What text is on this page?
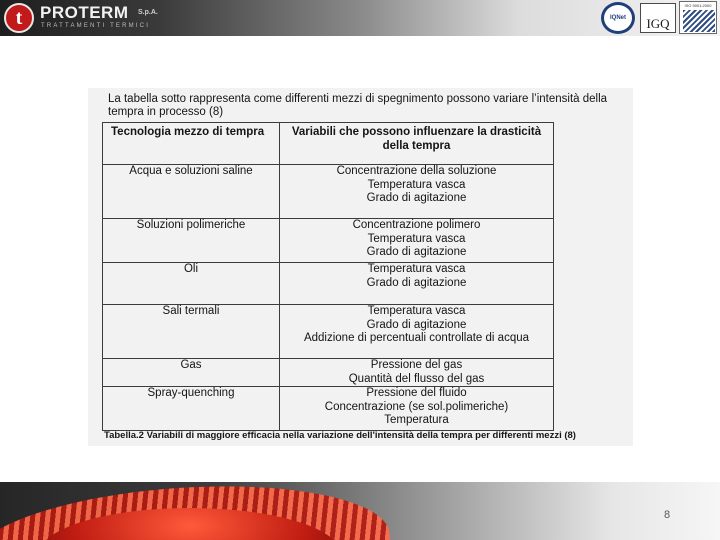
t	PROTERM S.p.A.
TRATTAMENTI TERMICI
IQNet	IGQ
ISO 9001:2000
La tabella sotto rappresenta come differenti mezzi di spegnimento possono variare l’intensità della tempra in processo (8)
Tecnologia mezzo di tempra	Variabili che possono influenzare la drasticità della tempra
Acqua e soluzioni saline	Concentrazione della soluzione
Temperatura vasca
Grado di agitazione

Soluzioni polimeriche	Concentrazione polimero
Temperatura vasca
Grado di agitazione

Oli	Temperatura vasca
Grado di agitazione

Sali termali	Temperatura vasca
Grado di agitazione
Addizione di percentuali controllate di acqua

Gas	Pressione del gas
Quantità del flusso del gas

Spray-quenching	Pressione del fluido
Concentrazione (se sol.polimeriche)
Temperatura
Tabella.2 Variabili di maggiore efficacia nella variazione dell'intensità della tempra per differenti mezzi (8)
8
